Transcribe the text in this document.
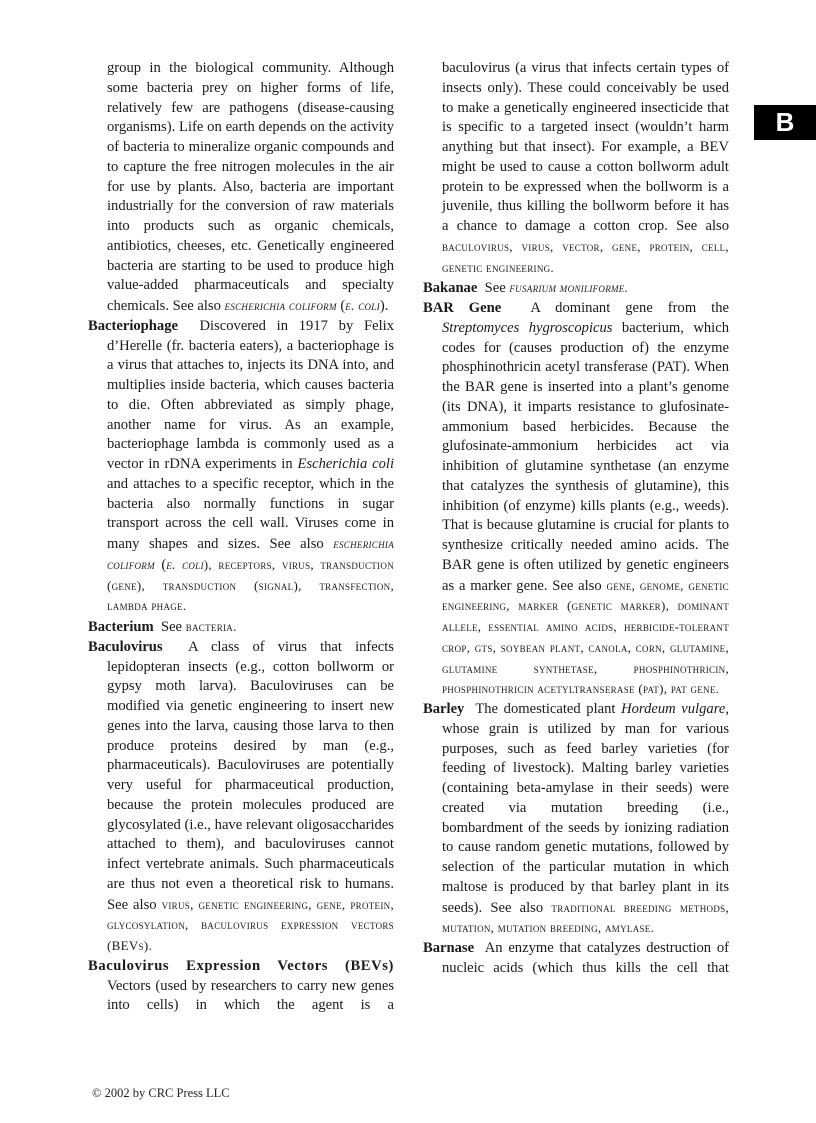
B

group in the biological community. Although some bacteria prey on higher forms of life, relatively few are pathogens (disease-causing organisms). Life on earth depends on the activity of bacteria to mineralize organic compounds and to capture the free nitrogen molecules in the air for use by plants. Also, bacteria are important industrially for the conversion of raw materials into products such as organic chemicals, antibiotics, cheeses, etc. Genetically engineered bacteria are starting to be used to produce high value-added pharmaceuticals and specialty chemicals. See also escherichia coliform (e. coli).

Bacteriophage Discovered in 1917 by Felix d’Herelle (fr. bacteria eaters), a bacteriophage is a virus that attaches to, injects its DNA into, and multiplies inside bacteria, which causes bacteria to die. Often abbreviated as simply phage, another name for virus. As an example, bacteriophage lambda is commonly used as a vector in rDNA experiments in Escherichia coli and attaches to a specific receptor, which in the bacteria also normally functions in sugar transport across the cell wall. Viruses come in many shapes and sizes. See also escherichia coliform (e. coli), receptors, virus, transduction (gene), transduction (signal), transfection, lambda phage.

Bacterium See bacteria.

Baculovirus A class of virus that infects lepidopteran insects (e.g., cotton bollworm or gypsy moth larva). Baculoviruses can be modified via genetic engineering to insert new genes into the larva, causing those larva to then produce proteins desired by man (e.g., pharmaceuticals). Baculoviruses are potentially very useful for pharmaceutical production, because the protein molecules produced are glycosylated (i.e., have relevant oligosaccharides attached to them), and baculoviruses cannot infect vertebrate animals. Such pharmaceuticals are thus not even a theoretical risk to humans. See also virus, genetic engineering, gene, protein, glycosylation, baculovirus expression vectors (BEVs).

Baculovirus Expression Vectors (BEVs) Vectors (used by researchers to carry new genes into cells) in which the agent is a

baculovirus (a virus that infects certain types of insects only). These could conceivably be used to make a genetically engineered insecticide that is specific to a targeted insect (wouldn’t harm anything but that insect). For example, a BEV might be used to cause a cotton bollworm adult protein to be expressed when the bollworm is a juvenile, thus killing the bollworm before it has a chance to damage a cotton crop. See also baculovirus, virus, vector, gene, protein, cell, genetic engineering.

Bakanae See fusarium moniliforme.

BAR Gene A dominant gene from the Streptomyces hygroscopicus bacterium, which codes for (causes production of) the enzyme phosphinothricin acetyl transferase (PAT). When the BAR gene is inserted into a plant’s genome (its DNA), it imparts resistance to glufosinate-ammonium based herbicides. Because the glufosinate-ammonium herbicides act via inhibition of glutamine synthetase (an enzyme that catalyzes the synthesis of glutamine), this inhibition (of enzyme) kills plants (e.g., weeds). That is because glutamine is crucial for plants to synthesize critically needed amino acids. The BAR gene is often utilized by genetic engineers as a marker gene. See also gene, genome, genetic engineering, marker (genetic marker), dominant allele, essential amino acids, herbicide-tolerant crop, gts, soybean plant, canola, corn, glutamine, glutamine synthetase, phosphinothricin, phosphinothricin acetyltranserase (pat), pat gene.

Barley The domesticated plant Hordeum vulgare, whose grain is utilized by man for various purposes, such as feed barley varieties (for feeding of livestock). Malting barley varieties (containing beta-amylase in their seeds) were created via mutation breeding (i.e., bombardment of the seeds by ionizing radiation to cause random genetic mutations, followed by selection of the particular mutation in which maltose is produced by that barley plant in its seeds). See also traditional breeding methods, mutation, mutation breeding, amylase.

Barnase An enzyme that catalyzes destruction of nucleic acids (which thus kills the cell that

© 2002 by CRC Press LLC
